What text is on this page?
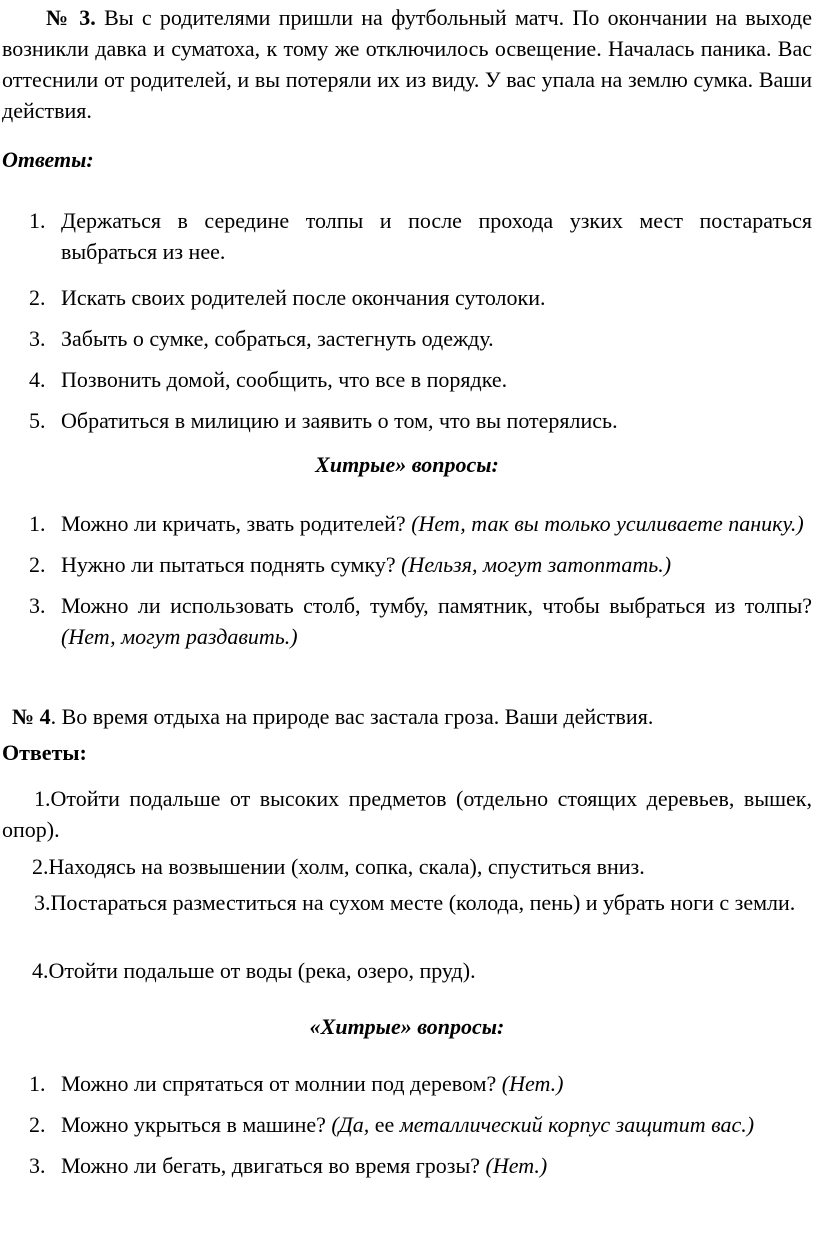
№ 3. Вы с родителями пришли на футбольный матч. По окончании на выходе возникли давка и суматоха, к тому же отключилось освещение. Началась паника. Вас оттеснили от родителей, и вы потеряли их из виду. У вас упала на землю сумка. Ваши действия.

Ответы:

1. Держаться в середине толпы и после прохода узких мест постараться выбраться из нее.
2. Искать своих родителей после окончания сутолоки.
3. Забыть о сумке, собраться, застегнуть одежду.
4. Позвонить домой, сообщить, что все в порядке.
5. Обратиться в милицию и заявить о том, что вы потерялись.

Хитрые» вопросы:

1. Можно ли кричать, звать родителей? (Нет, так вы только усиливаете панику.)
2. Нужно ли пытаться поднять сумку? (Нельзя, могут затоптать.)
3. Можно ли использовать столб, тумбу, памятник, чтобы выбраться из толпы? (Нет, могут раздавить.)

№ 4. Во время отдыха на природе вас застала гроза. Ваши действия.

Ответы:

1.Отойти подальше от высоких предметов (отдельно стоящих деревьев, вышек, опор).

2.Находясь на возвышении (холм, сопка, скала), спуститься вниз.

3.Постараться разместиться на сухом месте (колода, пень) и убрать ноги с земли.

4.Отойти подальше от воды (река, озеро, пруд).

«Хитрые» вопросы:

1. Можно ли спрятаться от молнии под деревом? (Нет.)
2. Можно укрыться в машине? (Да, ее металлический корпус защитит вас.)
3. Можно ли бегать, двигаться во время грозы? (Нет.)
